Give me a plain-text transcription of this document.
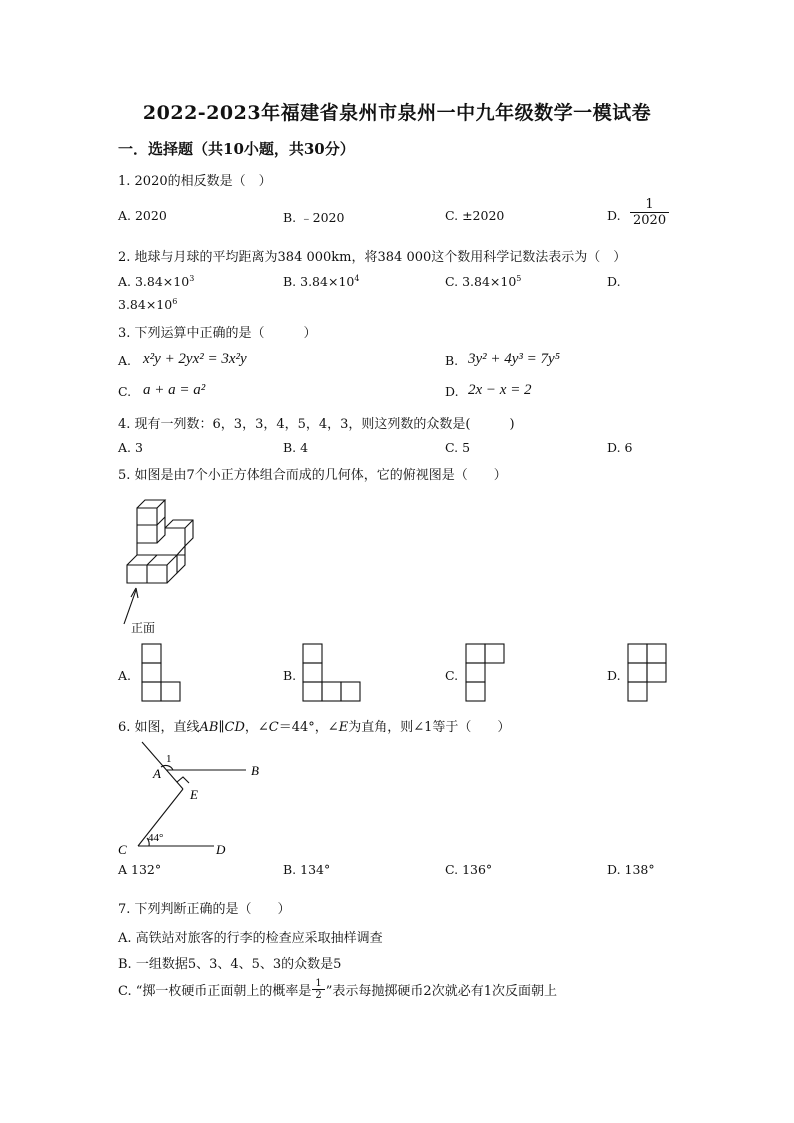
2022-2023年福建省泉州市泉州一中九年级数学一模试卷
一．选择题（共10小题，共30分）
1. 2020的相反数是（　）
A. 2020	B. ﹣2020	C. ±2020	D. $\frac{1}{2020}$
2. 地球与月球的平均距离为384 000km，将384 000这个数用科学记数法表示为（　）
A. $3.84\times 10^3$	B. $3.84\times 10^4$	C. $3.84\times 10^5$	D.
$3.84\times 10^6$
3. 下列运算中正确的是（　　　）
A. x²y + 2yx² = 3x²y	B. 3y² + 4y³ = 7y⁵
C. a + a = a²	D. 2x − x = 2
4. 现有一列数：6，3，3，4，5，4，3，则这列数的众数是(　　　)
A. 3	B. 4	C. 5	D. 6
5. 如图是由7个小正方体组合而成的几何体，它的俯视图是（　　）
正面
A.	B.	C.	D.
6. 如图，直线AB∥CD，∠C＝44°，∠E为直角，则∠1等于（　　）
1
A	B
E
C	D
44°
A 132°	B. 134°	C. 136°	D. 138°
7. 下列判断正确的是（　　）
A. 高铁站对旅客的行李的检查应采取抽样调查
B. 一组数据5、3、4、5、3的众数是5
C. “掷一枚硬币正面朝上的概率是 $\frac{1}{2}$ ”表示每抛掷硬币2次就必有1次反面朝上
